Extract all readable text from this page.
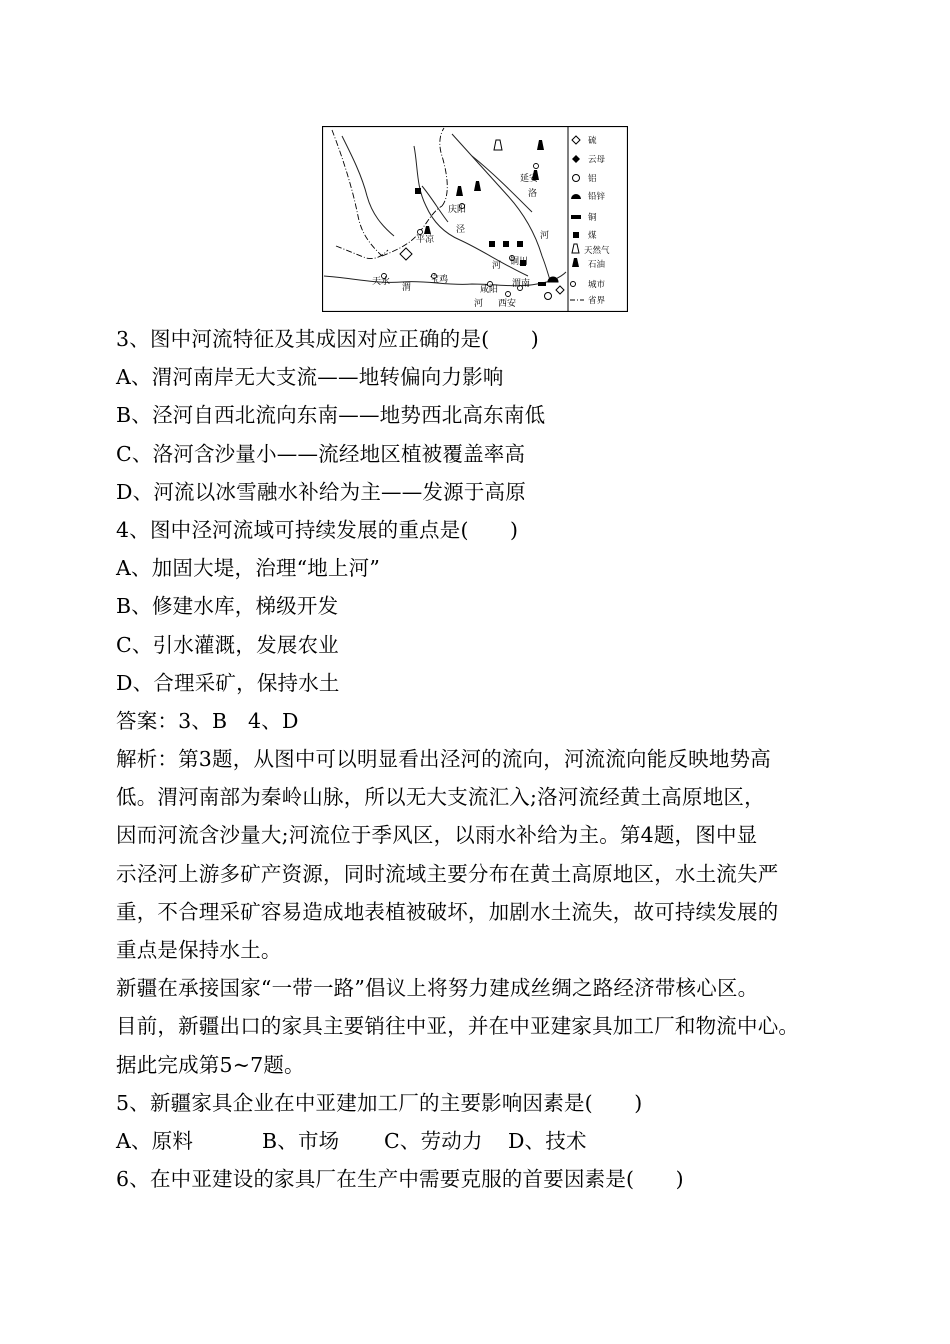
延安
洛
庆阳
泾
平凉	河
铜川
河
天水
渭
宝鸡
咸阳
渭南
河 西安
硫
云母
铝
铅锌
铜
煤
天然气
石油
城市
省界
3、图中河流特征及其成因对应正确的是(　　)
A、渭河南岸无大支流——地转偏向力影响
B、泾河自西北流向东南——地势西北高东南低
C、洛河含沙量小——流经地区植被覆盖率高
D、河流以冰雪融水补给为主——发源于高原
4、图中泾河流域可持续发展的重点是(　　)
A、加固大堤，治理“地上河”
B、修建水库，梯级开发
C、引水灌溉，发展农业
D、合理采矿，保持水土
答案：3、B　4、D
解析：第3题，从图中可以明显看出泾河的流向，河流流向能反映地势高
低。渭河南部为秦岭山脉，所以无大支流汇入;洛河流经黄土高原地区，
因而河流含沙量大;河流位于季风区，以雨水补给为主。第4题，图中显
示泾河上游多矿产资源，同时流域主要分布在黄土高原地区，水土流失严
重，不合理采矿容易造成地表植被破坏，加剧水土流失，故可持续发展的
重点是保持水土。
新疆在承接国家“一带一路”倡议上将努力建成丝绸之路经济带核心区。
目前，新疆出口的家具主要销往中亚，并在中亚建家具加工厂和物流中心。
据此完成第5~7题。
5、新疆家具企业在中亚建加工厂的主要影响因素是(　　)
A、原料	B、市场	C、劳动力	D、技术
6、在中亚建设的家具厂在生产中需要克服的首要因素是(　　)
